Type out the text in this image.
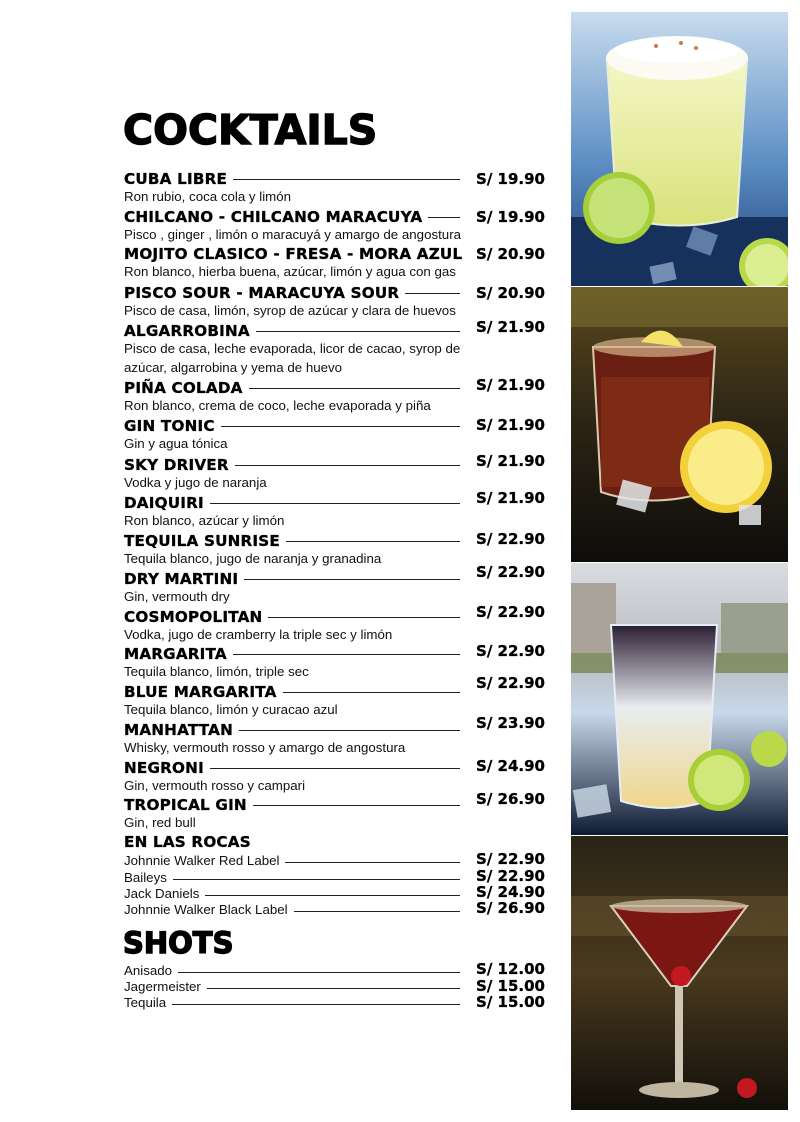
COCKTAILS
CUBA LIBRE	S/ 19.90
Ron rubio, coca cola y limón
CHILCANO - CHILCANO MARACUYA	S/ 19.90
Pisco , ginger , limón o maracuyá y amargo de angostura
MOJITO CLASICO - FRESA - MORA AZUL S/ 20.90
Ron blanco, hierba buena, azúcar, limón y agua con gas
PISCO SOUR - MARACUYA SOUR	S/ 20.90
Pisco de casa, limón, syrop de azúcar y clara de huevos
ALGARROBINA	S/ 21.90
Pisco de casa, leche evaporada, licor de cacao, syrop de
azúcar, algarrobina y yema de huevo
PIÑA COLADA	S/ 21.90
Ron blanco, crema de coco, leche evaporada y piña
GIN TONIC	S/ 21.90
Gin y agua tónica
SKY DRIVER	S/ 21.90
Vodka y jugo de naranja
DAIQUIRI	S/ 21.90
Ron blanco, azúcar y limón
TEQUILA SUNRISE	S/ 22.90
Tequila blanco, jugo de naranja y granadina
DRY MARTINI	S/ 22.90
Gin, vermouth dry
COSMOPOLITAN	S/ 22.90
Vodka, jugo de cramberry la triple sec y limón
MARGARITA	S/ 22.90
Tequila blanco, limón, triple sec
BLUE MARGARITA	S/ 22.90
Tequila blanco, limón y curacao azul
MANHATTAN	S/ 23.90
Whisky, vermouth rosso y amargo de angostura
NEGRONI	S/ 24.90
Gin, vermouth rosso y campari
TROPICAL GIN	S/ 26.90
Gin, red bull
EN LAS ROCAS
Johnnie Walker Red Label	S/ 22.90
Baileys	S/ 22.90
Jack Daniels	S/ 24.90
Johnnie Walker Black Label	S/ 26.90
SHOTS
Anisado	S/ 12.00
Jagermeister	S/ 15.00
Tequila	S/ 15.00
